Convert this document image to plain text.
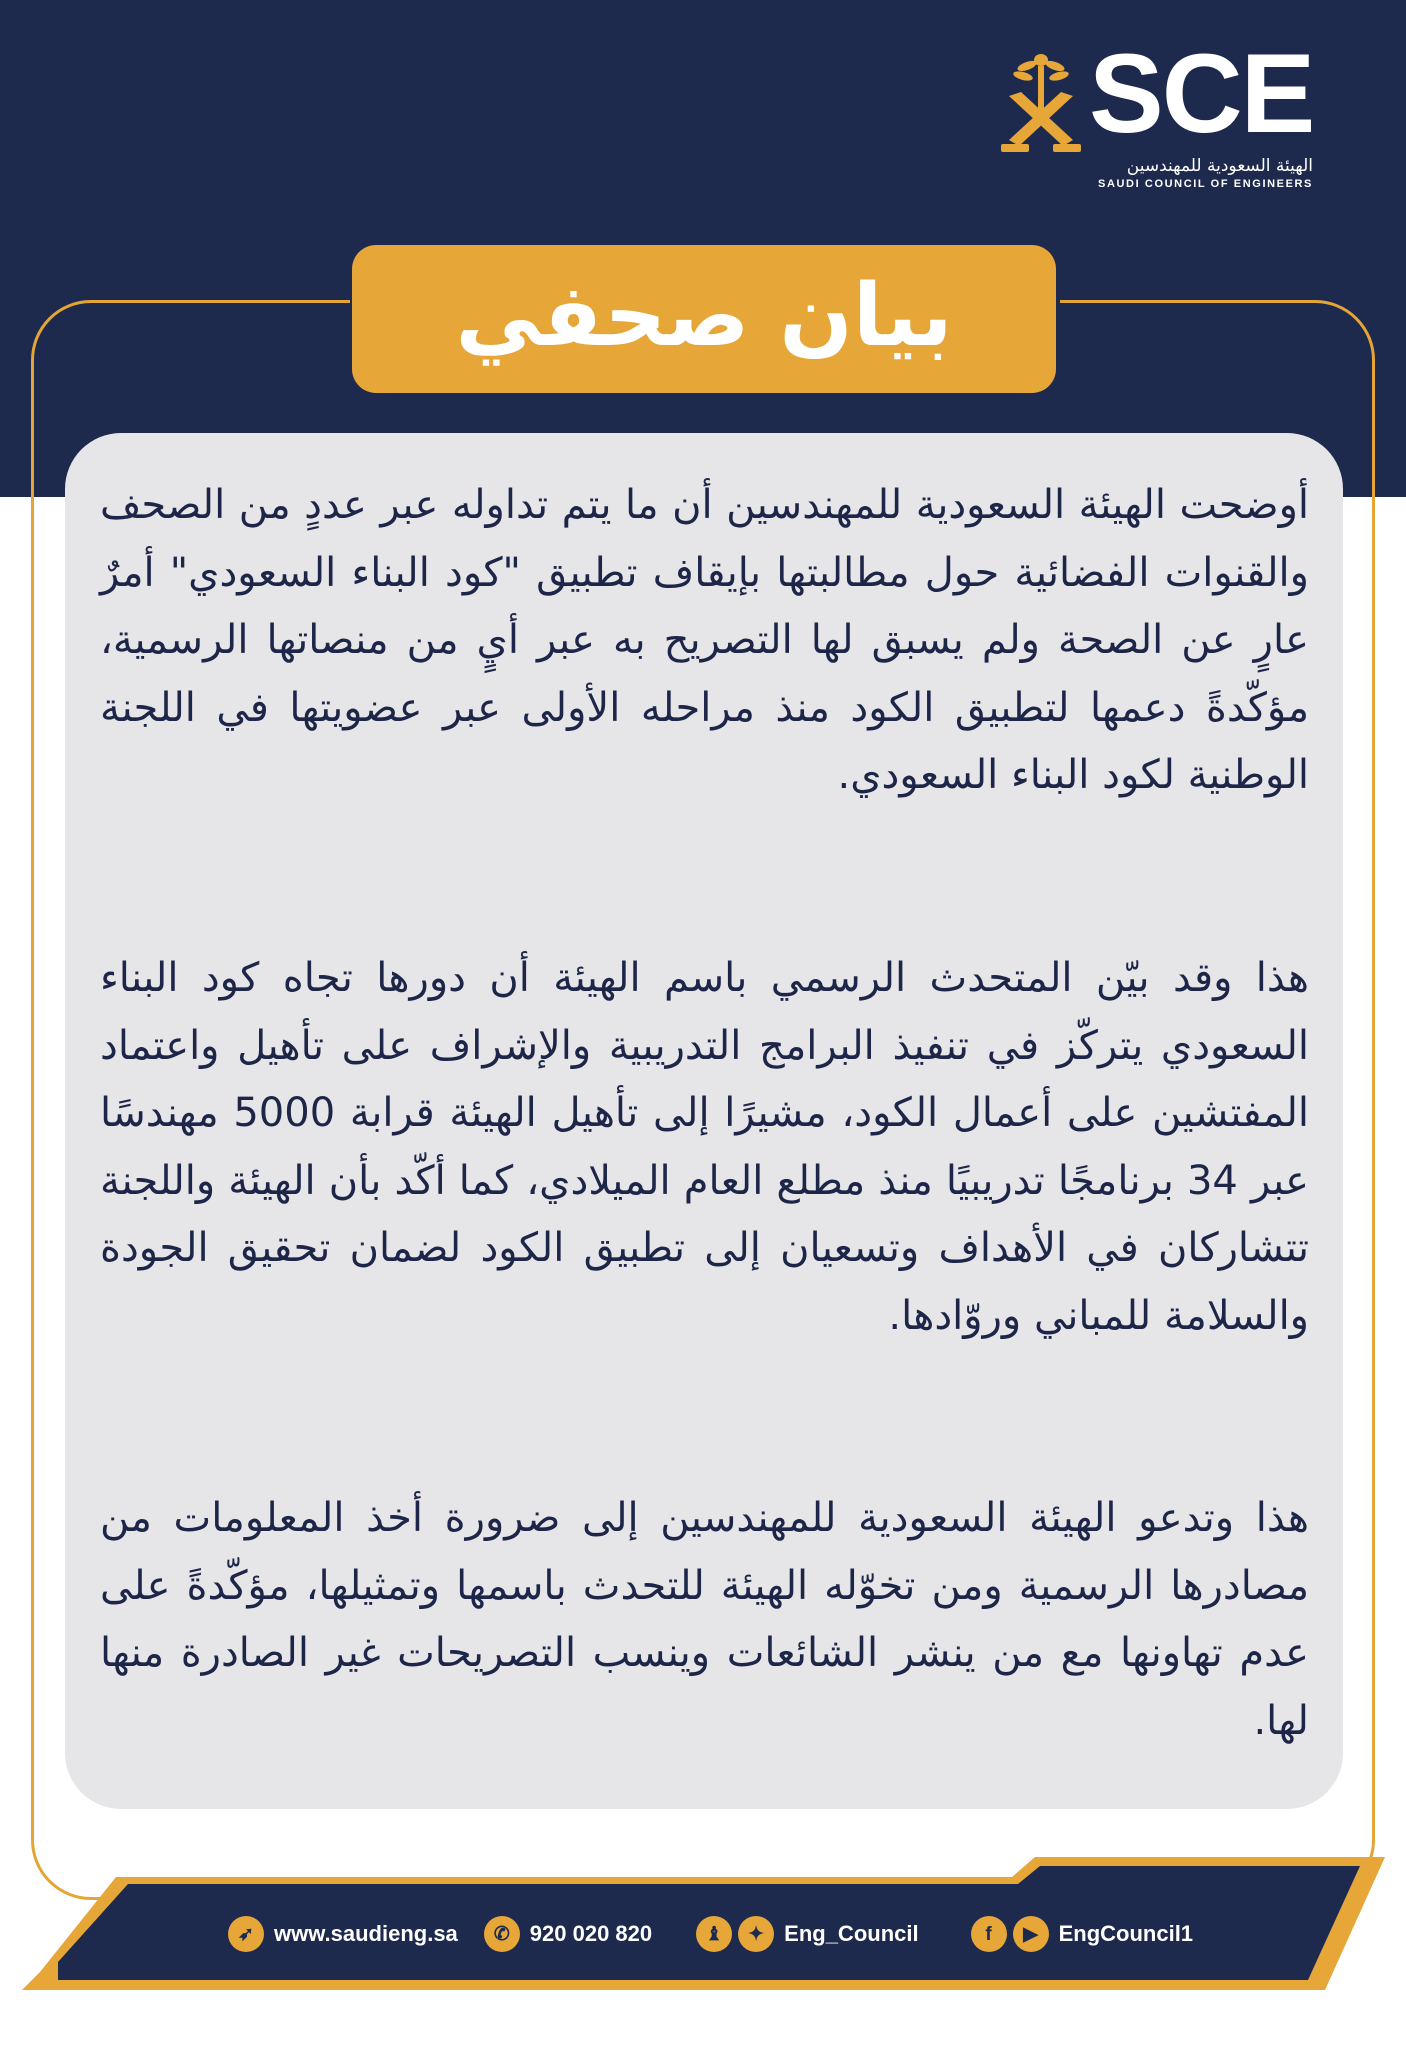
SCE
الهيئة السعودية للمهندسين
SAUDI COUNCIL OF ENGINEERS
بيان صحفي

أوضحت الهيئة السعودية للمهندسين أن ما يتم تداوله عبر عددٍ من الصحف والقنوات الفضائية حول مطالبتها بإيقاف تطبيق "كود البناء السعودي" أمرٌ عارٍ عن الصحة ولم يسبق لها التصريح به عبر أيٍ من منصاتها الرسمية، مؤكّدةً دعمها لتطبيق الكود منذ مراحله الأولى عبر عضويتها في اللجنة الوطنية لكود البناء السعودي.

هذا وقد بيّن المتحدث الرسمي باسم الهيئة أن دورها تجاه كود البناء السعودي يتركّز في تنفيذ البرامج التدريبية والإشراف على تأهيل واعتماد المفتشين على أعمال الكود، مشيرًا إلى تأهيل الهيئة قرابة 5000 مهندسًا عبر 34 برنامجًا تدريبيًا منذ مطلع العام الميلادي، كما أكّد بأن الهيئة واللجنة تتشاركان في الأهداف وتسعيان إلى تطبيق الكود لضمان تحقيق الجودة والسلامة للمباني وروّادها.

هذا وتدعو الهيئة السعودية للمهندسين إلى ضرورة أخذ المعلومات من مصادرها الرسمية ومن تخوّله الهيئة للتحدث باسمها وتمثيلها، مؤكّدةً على عدم تهاونها مع من ينشر الشائعات وينسب التصريحات غير الصادرة منها لها.

➶ www.saudieng.sa	✆ 920 020 820	♝	✦ Eng_Council	f	▶ EngCouncil1
